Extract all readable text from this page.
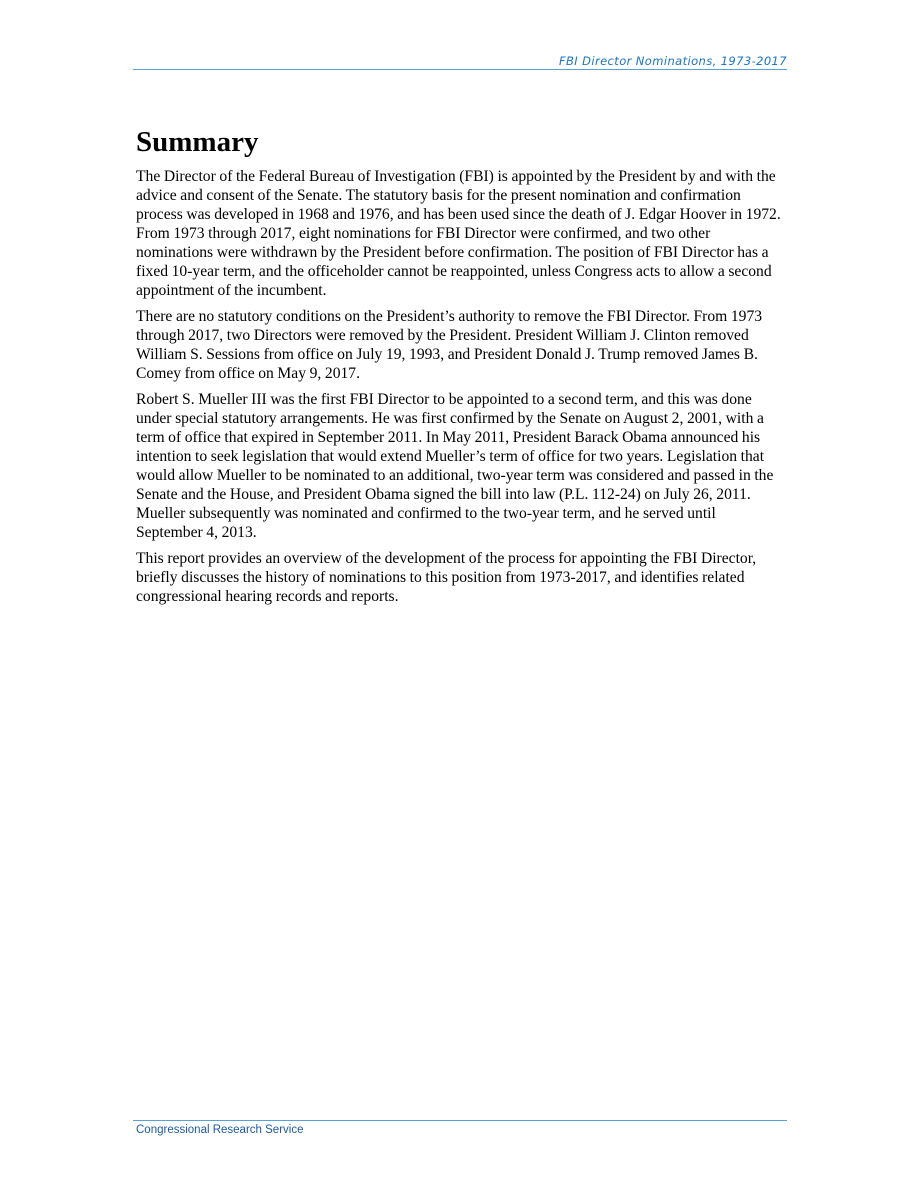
FBI Director Nominations, 1973-2017
Summary

The Director of the Federal Bureau of Investigation (FBI) is appointed by the President by and with the advice and consent of the Senate. The statutory basis for the present nomination and confirmation process was developed in 1968 and 1976, and has been used since the death of J. Edgar Hoover in 1972. From 1973 through 2017, eight nominations for FBI Director were confirmed, and two other nominations were withdrawn by the President before confirmation. The position of FBI Director has a fixed 10-year term, and the officeholder cannot be reappointed, unless Congress acts to allow a second appointment of the incumbent.

There are no statutory conditions on the President’s authority to remove the FBI Director. From 1973 through 2017, two Directors were removed by the President. President William J. Clinton removed William S. Sessions from office on July 19, 1993, and President Donald J. Trump removed James B. Comey from office on May 9, 2017.

Robert S. Mueller III was the first FBI Director to be appointed to a second term, and this was done under special statutory arrangements. He was first confirmed by the Senate on August 2, 2001, with a term of office that expired in September 2011. In May 2011, President Barack Obama announced his intention to seek legislation that would extend Mueller’s term of office for two years. Legislation that would allow Mueller to be nominated to an additional, two-year term was considered and passed in the Senate and the House, and President Obama signed the bill into law (P.L. 112-24) on July 26, 2011. Mueller subsequently was nominated and confirmed to the two-year term, and he served until September 4, 2013.

This report provides an overview of the development of the process for appointing the FBI Director, briefly discusses the history of nominations to this position from 1973-2017, and identifies related congressional hearing records and reports.

Congressional Research Service
